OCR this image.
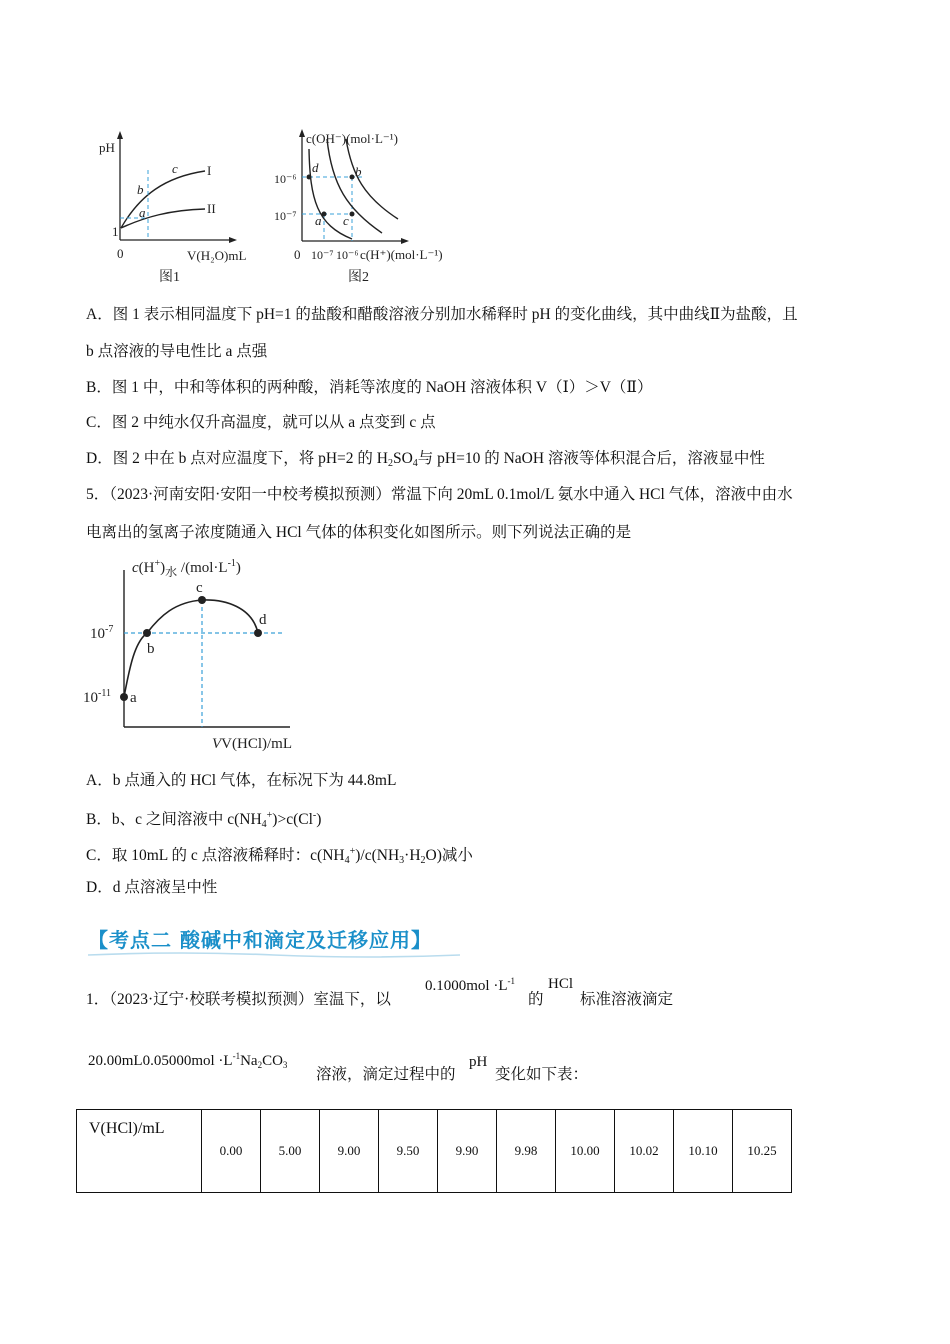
pH
0
1
I
II
a
b
c
V(H₂O)mL
图1
c(OH⁻)(mol·L⁻¹)
0
10⁻⁶
10⁻⁷
10⁻⁷ 10⁻⁶ c(H⁺)(mol·L⁻¹)
d
a c
b
图2
A．图 1 表示相同温度下 pH=1 的盐酸和醋酸溶液分别加水稀释时 pH 的变化曲线，其中曲线Ⅱ为盐酸，且
b 点溶液的导电性比 a 点强
B．图 1 中，中和等体积的两种酸，消耗等浓度的 NaOH 溶液体积 V（Ⅰ）＞V（Ⅱ）
C．图 2 中纯水仅升高温度，就可以从 a 点变到 c 点
D．图 2 中在 b 点对应温度下，将 pH=2 的 $H_2SO_4$与 pH=10 的 NaOH 溶液等体积混合后，溶液显中性
5．（2023·河南安阳·安阳一中校考模拟预测）常温下向 20mL 0.1mol/L 氨水中通入 HCl 气体，溶液中由水
电离出的氢离子浓度随通入 HCl 气体的体积变化如图所示。则下列说法正确的是
$c(H^+)_水$ $/(mol\cdot L^{-1})$
$10^{-7}$
$10^{-11}$ a
b
c
d
VV(HCl)/mL
A．b 点通入的 HCl 气体，在标况下为 44.8mL
B．b、c 之间溶液中 $c(NH_4^+)>c(Cl^-)$
C．取 10mL 的 c 点溶液稀释时：$c(NH_4^+)/c(NH_3\cdot H_2O)$减小
D．d 点溶液呈中性
【考点二 酸碱中和滴定及迁移应用】
1．（2023·辽宁·校联考模拟预测）室温下，以
$0.1000mol \cdot L^{-1}$
的
HCl
标准溶液滴定
$20.00mL0.05000mol \cdot L^{-1}Na_2CO_3$
溶液，滴定过程中的
pH
变化如下表：
V(HCl)/mL	0.00	5.00	9.00	9.50	9.90	9.98	10.00	10.02	10.10	10.25
